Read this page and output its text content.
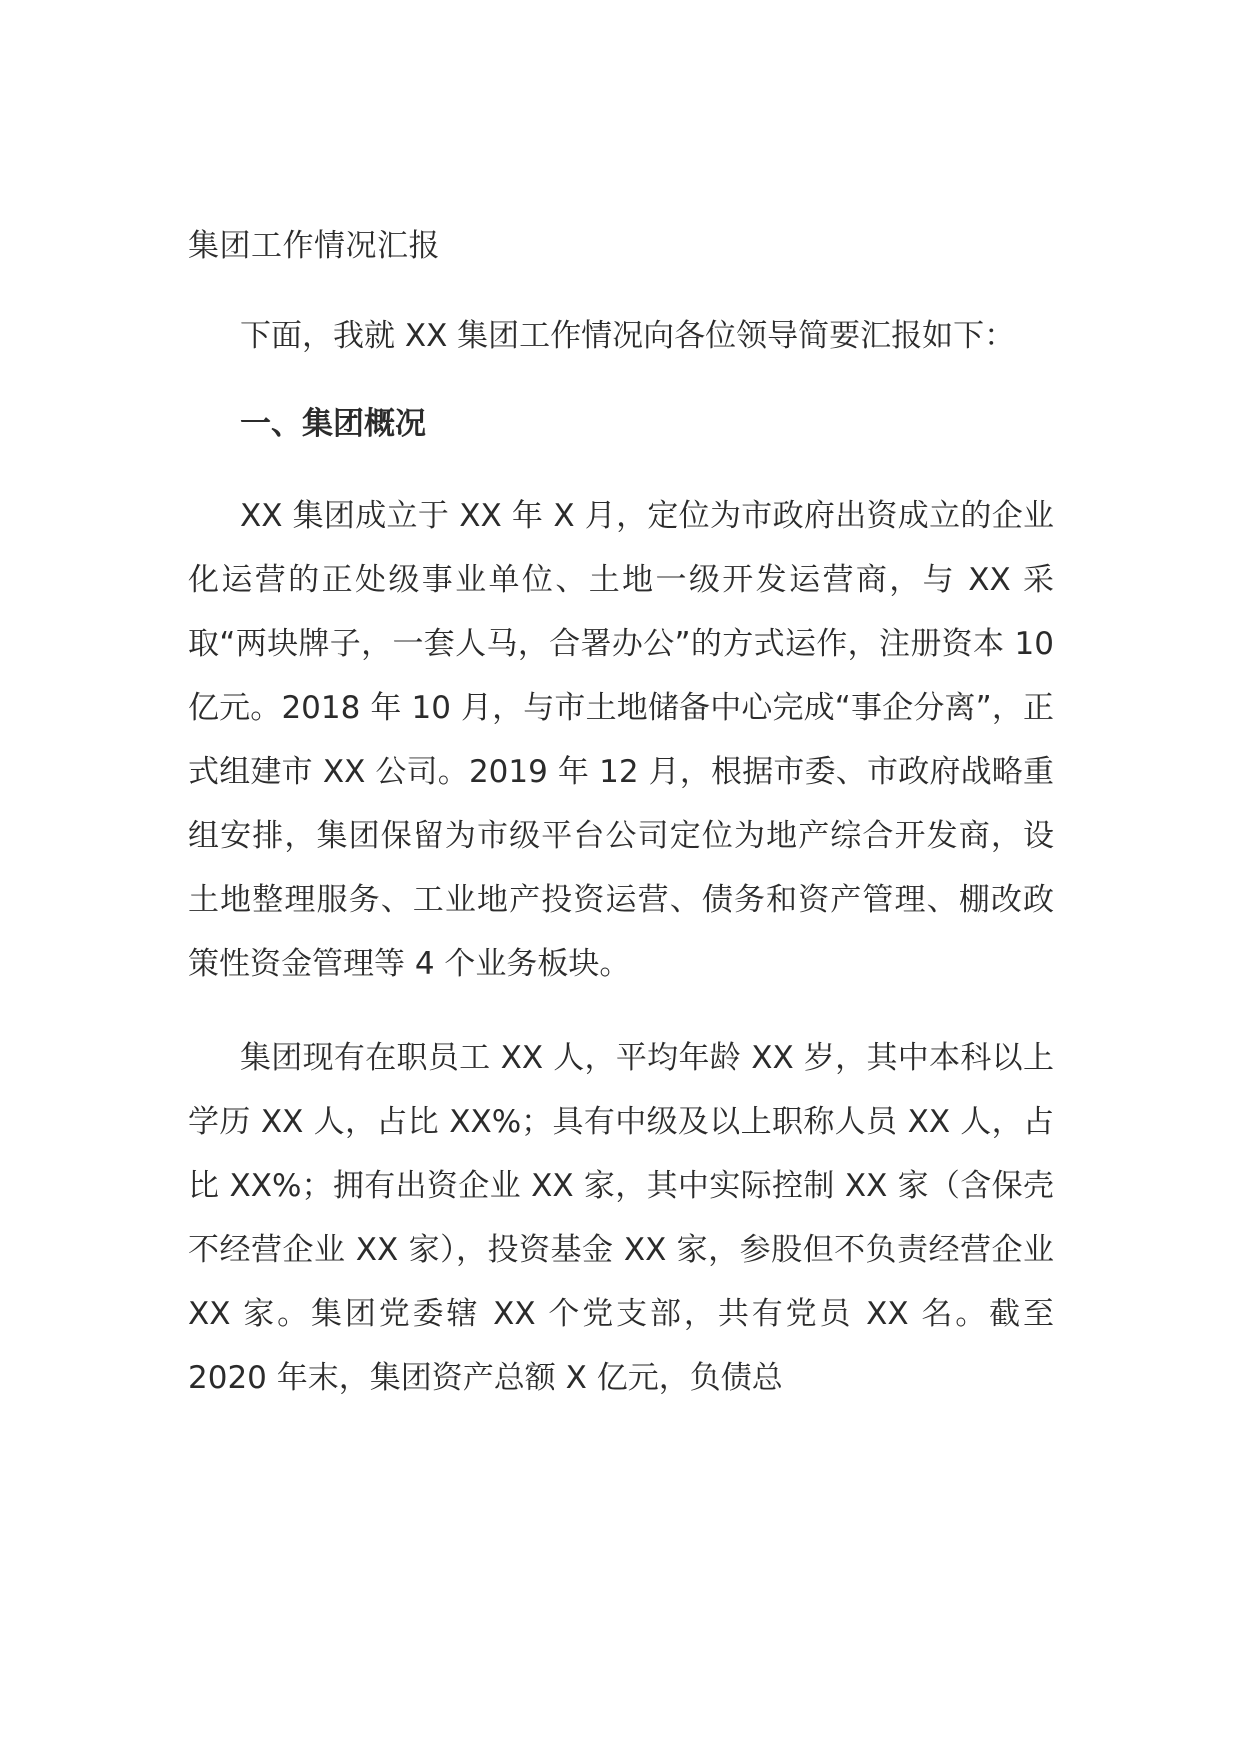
集团工作情况汇报

下面，我就 XX 集团工作情况向各位领导简要汇报如下：

一、集团概况

XX 集团成立于 XX 年 X 月，定位为市政府出资成立的企业化运营的正处级事业单位、土地一级开发运营商，与 XX 采取“两块牌子，一套人马，合署办公”的方式运作，注册资本 10 亿元。2018 年 10 月，与市土地储备中心完成“事企分离”，正式组建市 XX 公司。2019 年 12 月，根据市委、市政府战略重组安排，集团保留为市级平台公司定位为地产综合开发商，设土地整理服务、工业地产投资运营、债务和资产管理、棚改政策性资金管理等 4 个业务板块。

集团现有在职员工 XX 人，平均年龄 XX 岁，其中本科以上学历 XX 人，占比 XX%；具有中级及以上职称人员 XX 人，占比 XX%；拥有出资企业 XX 家，其中实际控制 XX 家（含保壳不经营企业 XX 家），投资基金 XX 家，参股但不负责经营企业 XX 家。集团党委辖 XX 个党支部，共有党员 XX 名。截至 2020 年末，集团资产总额 X 亿元，负债总
